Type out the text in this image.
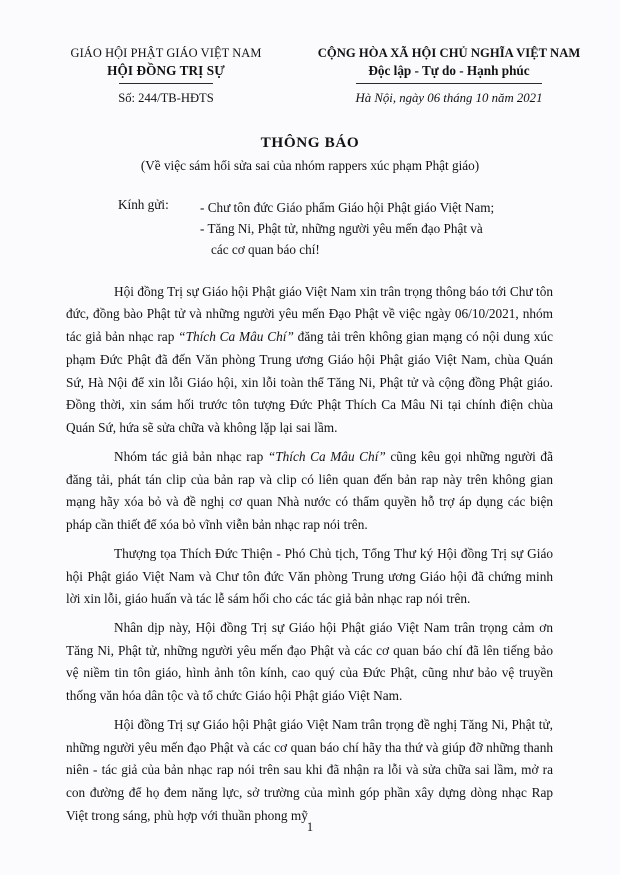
GIÁO HỘI PHẬT GIÁO VIỆT NAM
HỘI ĐỒNG TRỊ SỰ
Số: 244/TB-HĐTS
CỘNG HÒA XÃ HỘI CHỦ NGHĨA VIỆT NAM
Độc lập - Tự do - Hạnh phúc
Hà Nội, ngày 06 tháng 10 năm 2021
THÔNG BÁO
(Về việc sám hối sửa sai của nhóm rappers xúc phạm Phật giáo)
Kính gửi:	- Chư tôn đức Giáo phẩm Giáo hội Phật giáo Việt Nam;
- Tăng Ni, Phật tử, những người yêu mến đạo Phật và
các cơ quan báo chí!

Hội đồng Trị sự Giáo hội Phật giáo Việt Nam xin trân trọng thông báo tới Chư tôn đức, đồng bào Phật tử và những người yêu mến Đạo Phật về việc ngày 06/10/2021, nhóm tác giả bản nhạc rap “Thích Ca Mâu Chí” đăng tải trên không gian mạng có nội dung xúc phạm Đức Phật đã đến Văn phòng Trung ương Giáo hội Phật giáo Việt Nam, chùa Quán Sứ, Hà Nội để xin lỗi Giáo hội, xin lỗi toàn thể Tăng Ni, Phật tử và cộng đồng Phật giáo. Đồng thời, xin sám hối trước tôn tượng Đức Phật Thích Ca Mâu Ni tại chính điện chùa Quán Sứ, hứa sẽ sửa chữa và không lặp lại sai lầm.

Nhóm tác giả bản nhạc rap “Thích Ca Mâu Chí” cũng kêu gọi những người đã đăng tải, phát tán clip của bản rap và clip có liên quan đến bản rap này trên không gian mạng hãy xóa bỏ và đề nghị cơ quan Nhà nước có thẩm quyền hỗ trợ áp dụng các biện pháp cần thiết để xóa bỏ vĩnh viễn bản nhạc rap nói trên.

Thượng tọa Thích Đức Thiện - Phó Chủ tịch, Tổng Thư ký Hội đồng Trị sự Giáo hội Phật giáo Việt Nam và Chư tôn đức Văn phòng Trung ương Giáo hội đã chứng minh lời xin lỗi, giáo huấn và tác lễ sám hối cho các tác giả bản nhạc rap nói trên.

Nhân dịp này, Hội đồng Trị sự Giáo hội Phật giáo Việt Nam trân trọng cảm ơn Tăng Ni, Phật tử, những người yêu mến đạo Phật và các cơ quan báo chí đã lên tiếng bảo vệ niềm tin tôn giáo, hình ảnh tôn kính, cao quý của Đức Phật, cũng như bảo vệ truyền thống văn hóa dân tộc và tổ chức Giáo hội Phật giáo Việt Nam.

Hội đồng Trị sự Giáo hội Phật giáo Việt Nam trân trọng đề nghị Tăng Ni, Phật tử, những người yêu mến đạo Phật và các cơ quan báo chí hãy tha thứ và giúp đỡ những thanh niên - tác giả của bản nhạc rap nói trên sau khi đã nhận ra lỗi và sửa chữa sai lầm, mở ra con đường để họ đem năng lực, sở trường của mình góp phần xây dựng dòng nhạc Rap Việt trong sáng, phù hợp với thuần phong mỹ

1
